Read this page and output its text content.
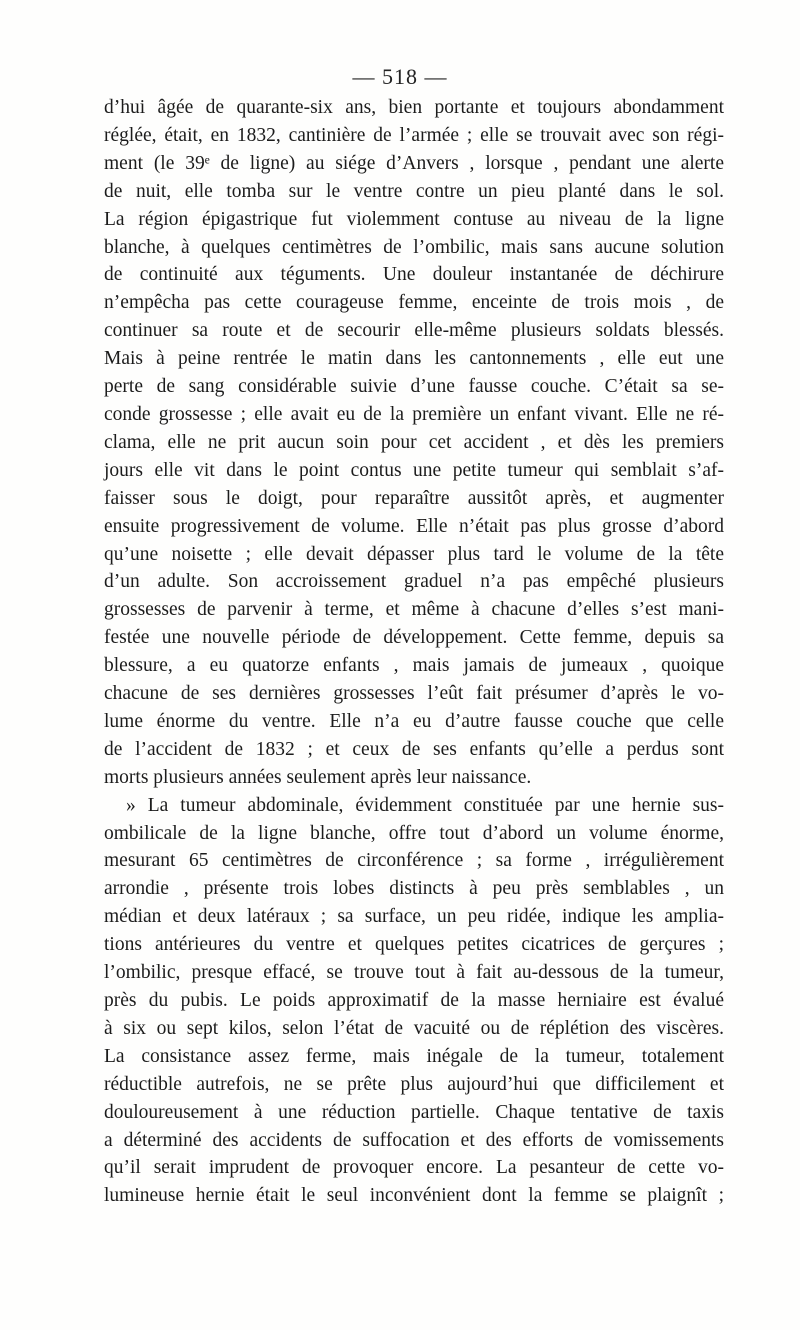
— 518 —
d’hui âgée de quarante-six ans, bien portante et toujours abondamment
réglée, était, en 1832, cantinière de l’armée ; elle se trouvait avec son régi-
ment (le 39ᵉ de ligne) au siége d’Anvers , lorsque , pendant une alerte
de nuit, elle tomba sur le ventre contre un pieu planté dans le sol.
La région épigastrique fut violemment contuse au niveau de la ligne
blanche, à quelques centimètres de l’ombilic, mais sans aucune solution
de continuité aux téguments. Une douleur instantanée de déchirure
n’empêcha pas cette courageuse femme, enceinte de trois mois , de
continuer sa route et de secourir elle-même plusieurs soldats blessés.
Mais à peine rentrée le matin dans les cantonnements , elle eut une
perte de sang considérable suivie d’une fausse couche. C’était sa se-
conde grossesse ; elle avait eu de la première un enfant vivant. Elle ne ré-
clama, elle ne prit aucun soin pour cet accident , et dès les premiers
jours elle vit dans le point contus une petite tumeur qui semblait s’af-
faisser sous le doigt, pour reparaître aussitôt après, et augmenter
ensuite progressivement de volume. Elle n’était pas plus grosse d’abord
qu’une noisette ; elle devait dépasser plus tard le volume de la tête
d’un adulte. Son accroissement graduel n’a pas empêché plusieurs
grossesses de parvenir à terme, et même à chacune d’elles s’est mani-
festée une nouvelle période de développement. Cette femme, depuis sa
blessure, a eu quatorze enfants , mais jamais de jumeaux , quoique
chacune de ses dernières grossesses l’eût fait présumer d’après le vo-
lume énorme du ventre. Elle n’a eu d’autre fausse couche que celle
de l’accident de 1832 ; et ceux de ses enfants qu’elle a perdus sont
morts plusieurs années seulement après leur naissance.
» La tumeur abdominale, évidemment constituée par une hernie sus-
ombilicale de la ligne blanche, offre tout d’abord un volume énorme,
mesurant 65 centimètres de circonférence ; sa forme , irrégulièrement
arrondie , présente trois lobes distincts à peu près semblables , un
médian et deux latéraux ; sa surface, un peu ridée, indique les amplia-
tions antérieures du ventre et quelques petites cicatrices de gerçures ;
l’ombilic, presque effacé, se trouve tout à fait au-dessous de la tumeur,
près du pubis. Le poids approximatif de la masse herniaire est évalué
à six ou sept kilos, selon l’état de vacuité ou de réplétion des viscères.
La consistance assez ferme, mais inégale de la tumeur, totalement
réductible autrefois, ne se prête plus aujourd’hui que difficilement et
douloureusement à une réduction partielle. Chaque tentative de taxis
a déterminé des accidents de suffocation et des efforts de vomissements
qu’il serait imprudent de provoquer encore. La pesanteur de cette vo-
lumineuse hernie était le seul inconvénient dont la femme se plaignît ;
